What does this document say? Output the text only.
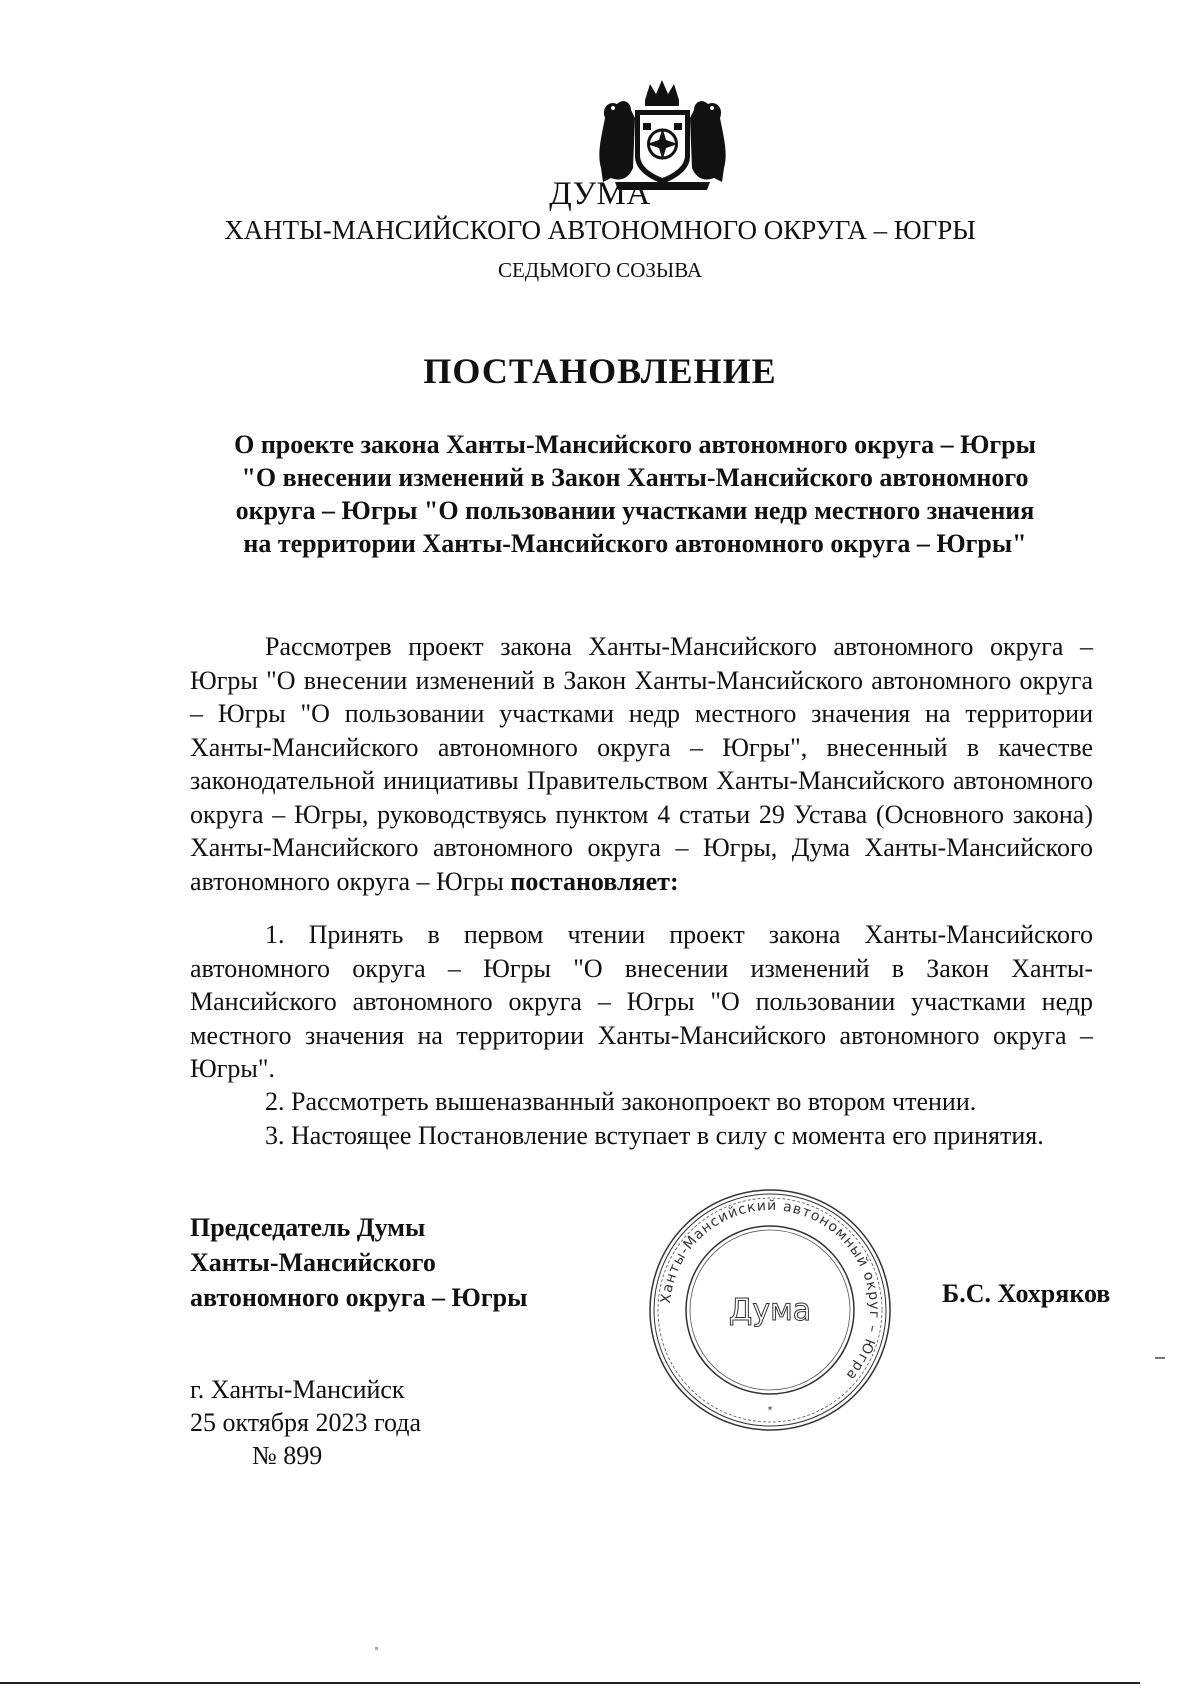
ДУМА
ХАНТЫ-МАНСИЙСКОГО АВТОНОМНОГО ОКРУГА – ЮГРЫ
СЕДЬМОГО СОЗЫВА
ПОСТАНОВЛЕНИЕ
О проекте закона Ханты-Мансийского автономного округа – Югры
"О внесении изменений в Закон Ханты-Мансийского автономного
округа – Югры "О пользовании участками недр местного значения
на территории Ханты-Мансийского автономного округа – Югры"
Рассмотрев проект закона Ханты-Мансийского автономного округа – Югры "О внесении изменений в Закон Ханты-Мансийского автономного округа – Югры "О пользовании участками недр местного значения на территории Ханты-Мансийского автономного округа – Югры", внесенный в качестве законодательной инициативы Правительством Ханты-Мансийского автономного округа – Югры, руководствуясь пунктом 4 статьи 29 Устава (Основного закона) Ханты-Мансийского автономного округа – Югры, Дума Ханты-Мансийского автономного округа – Югры постановляет:
1. Принять в первом чтении проект закона Ханты-Мансийского автономного округа – Югры "О внесении изменений в Закон Ханты-Мансийского автономного округа – Югры "О пользовании участками недр местного значения на территории Ханты-Мансийского автономного округа – Югры".
2. Рассмотреть вышеназванный законопроект во втором чтении.
3. Настоящее Постановление вступает в силу с момента его принятия.
Председатель Думы
Ханты-Мансийского
автономного округа – Югры	Ханты-Мансийский автономный округ – Югра
Дума
*
Б.С. Хохряков
г. Ханты-Мансийск
25 октября 2023 года
№ 899
